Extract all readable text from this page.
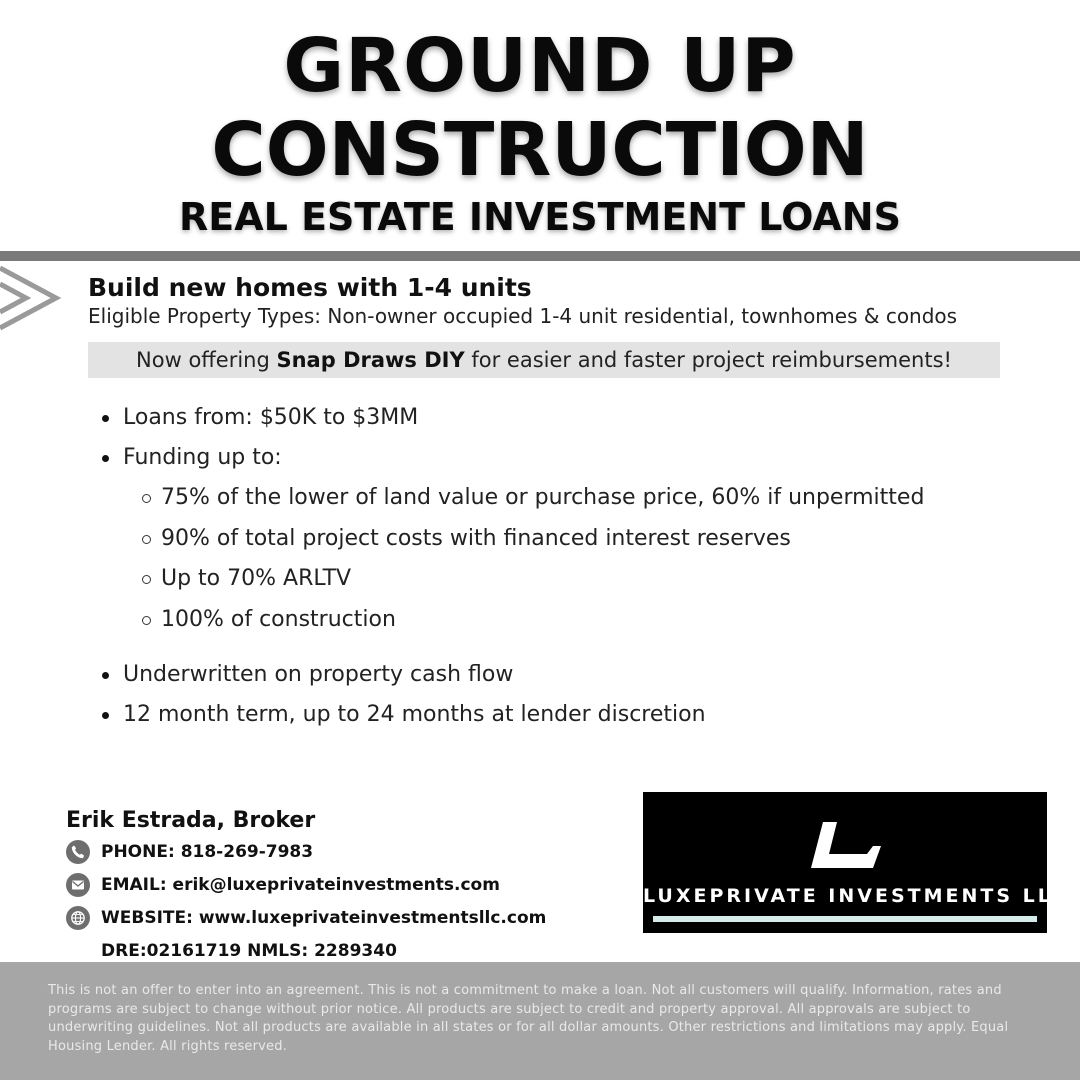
GROUND UP
CONSTRUCTION
REAL ESTATE INVESTMENT LOANS
Build new homes with 1-4 units
Eligible Property Types: Non-owner occupied 1-4 unit residential, townhomes & condos
Now offering Snap Draws DIY for easier and faster project reimbursements!
Loans from: $50K to $3MM
Funding up to:
75% of the lower of land value or purchase price, 60% if unpermitted
90% of total project costs with financed interest reserves
Up to 70% ARLTV
100% of construction
Underwritten on property cash flow
12 month term, up to 24 months at lender discretion
Erik Estrada, Broker
PHONE: 818-269-7983
EMAIL: erik@luxeprivateinvestments.com
WEBSITE: www.luxeprivateinvestmentsllc.com
DRE:02161719 NMLS: 2289340
LUXEPRIVATE INVESTMENTS LLC

This is not an offer to enter into an agreement. This is not a commitment to make a loan. Not all customers will qualify. Information, rates and programs are subject to change without prior notice. All products are subject to credit and property approval. All approvals are subject to underwriting guidelines. Not all products are available in all states or for all dollar amounts. Other restrictions and limitations may apply. Equal Housing Lender. All rights reserved.
